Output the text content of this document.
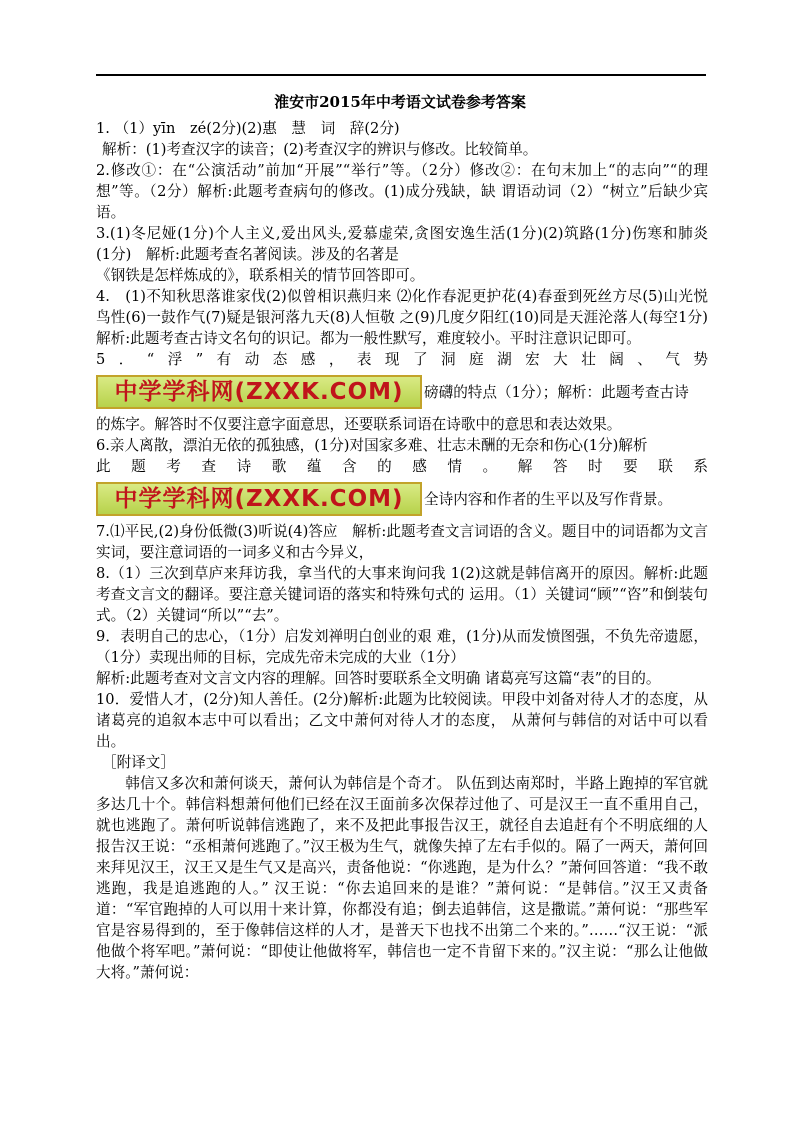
淮安市2015年中考语文试卷参考答案

1. （1）yīn　zé(2分)(2)惠　慧　词　辞(2分)

解析：(1)考查汉字的读音；(2)考查汉字的辨识与修改。比较简单。

2.修改①：在“公演活动”前加“开展”“举行”等。（2分）修改②：在句末加上“的志向”“的理想”等。（2分）解析:此题考查病句的修改。(1)成分残缺，缺 谓语动词（2）“树立”后缺少宾语。

3.(1)冬尼娅(1分)个人主义,爱出风头,爱慕虚荣,贪图安逸生活(1分)(2)筑路(1分)伤寒和肺炎　(1分)　解析:此题考查名著阅读。涉及的名著是

《钢铁是怎样炼成的》，联系相关的情节回答即可。

4.　(1)不知秋思落谁家伐(2)似曾相识燕归来 ⑵化作春泥更护花(4)春蚕到死丝方尽(5)山光悦鸟性(6)一鼓作气(7)疑是银河落九天(8)人恒敬 之(9)几度夕阳红(10)同是天涯沦落人(每空1分)　解析:此题考查古诗文名句的识记。都为一般性默写，难度较小。平时注意识记即可。

5．“浮”有动态感，表现了洞庭湖宏大壮阔、气势
中学学科网(ZXXK.COM)	磅礴的特点（1分）；解析：此题考查古诗

的炼字。解答时不仅要注意字面意思，还要联系词语在诗歌中的意思和表达效果。

6.亲人离散，漂泊无依的孤独感，(1分)对国家多难、壮志未酬的无奈和伤心(1分)解析

此题考查诗歌蕴含的感情。解答时要联系
中学学科网(ZXXK.COM)	全诗内容和作者的生平以及写作背景。

7.⑴平民,(2)身份低微(3)听说(4)答应　解析:此题考查文言词语的含义。题目中的词语都为文言实词，要注意词语的一词多义和古今异义，

8.（1）三次到草庐来拜访我，拿当代的大事来询问我 1(2)这就是韩信离开的原因。解析:此题考查文言文的翻译。要注意关键词语的落实和特殊句式的 运用。（1）关键词“顾”“咨”和倒装句式。（2）关键词“所以”“去”。

9．表明自己的忠心，（1分）启发刘禅明白创业的艰 难，(1分)从而发愤图强，不负先帝遗愿，（1分）卖现出师的目标，完成先帝未完成的大业（1分）

解析:此题考查对文言文内容的理解。回答时要联系全文明确 诸葛亮写这篇“表”的目的。

10．爱惜人才，(2分)知人善任。(2分)解析:此题为比较阅读。甲段中刘备对待人才的态度，从诸葛亮的追叙本志中可以看出；乙文中萧何对待人才的态度， 从萧何与韩信的对话中可以看出。

［附译文］

韩信又多次和萧何谈天，萧何认为韩信是个奇才。 队伍到达南郑时，半路上跑掉的军官就多达几十个。韩信料想萧何他们已经在汉王面前多次保荐过他了、可是汉王一直不重用自己，就也逃跑了。萧何听说韩信逃跑了，来不及把此事报告汉王，就径自去追赶有个不明底细的人报告汉王说：“丞相萧何逃跑了。”汉王极为生气，就像失掉了左右手似的。隔了一两天，萧何回来拜见汉王，汉王又是生气又是高兴，责备他说：“你逃跑，是为什么？”萧何回答道：“我不敢逃跑，我是追逃跑的人。” 汉王说：“你去追回来的是谁？”萧何说：“是韩信。”汉王又责备道：“军官跑掉的人可以用十来计算，你都没有追；倒去追韩信，这是撒谎。”萧何说：“那些军官是容易得到的，至于像韩信这样的人才，是普天下也找不出第二个来的。”……“汉王说：“派他做个将军吧。”萧何说：“即使让他做将军，韩信也一定不肯留下来的。”汉主说：“那么让他做大将。”萧何说：
